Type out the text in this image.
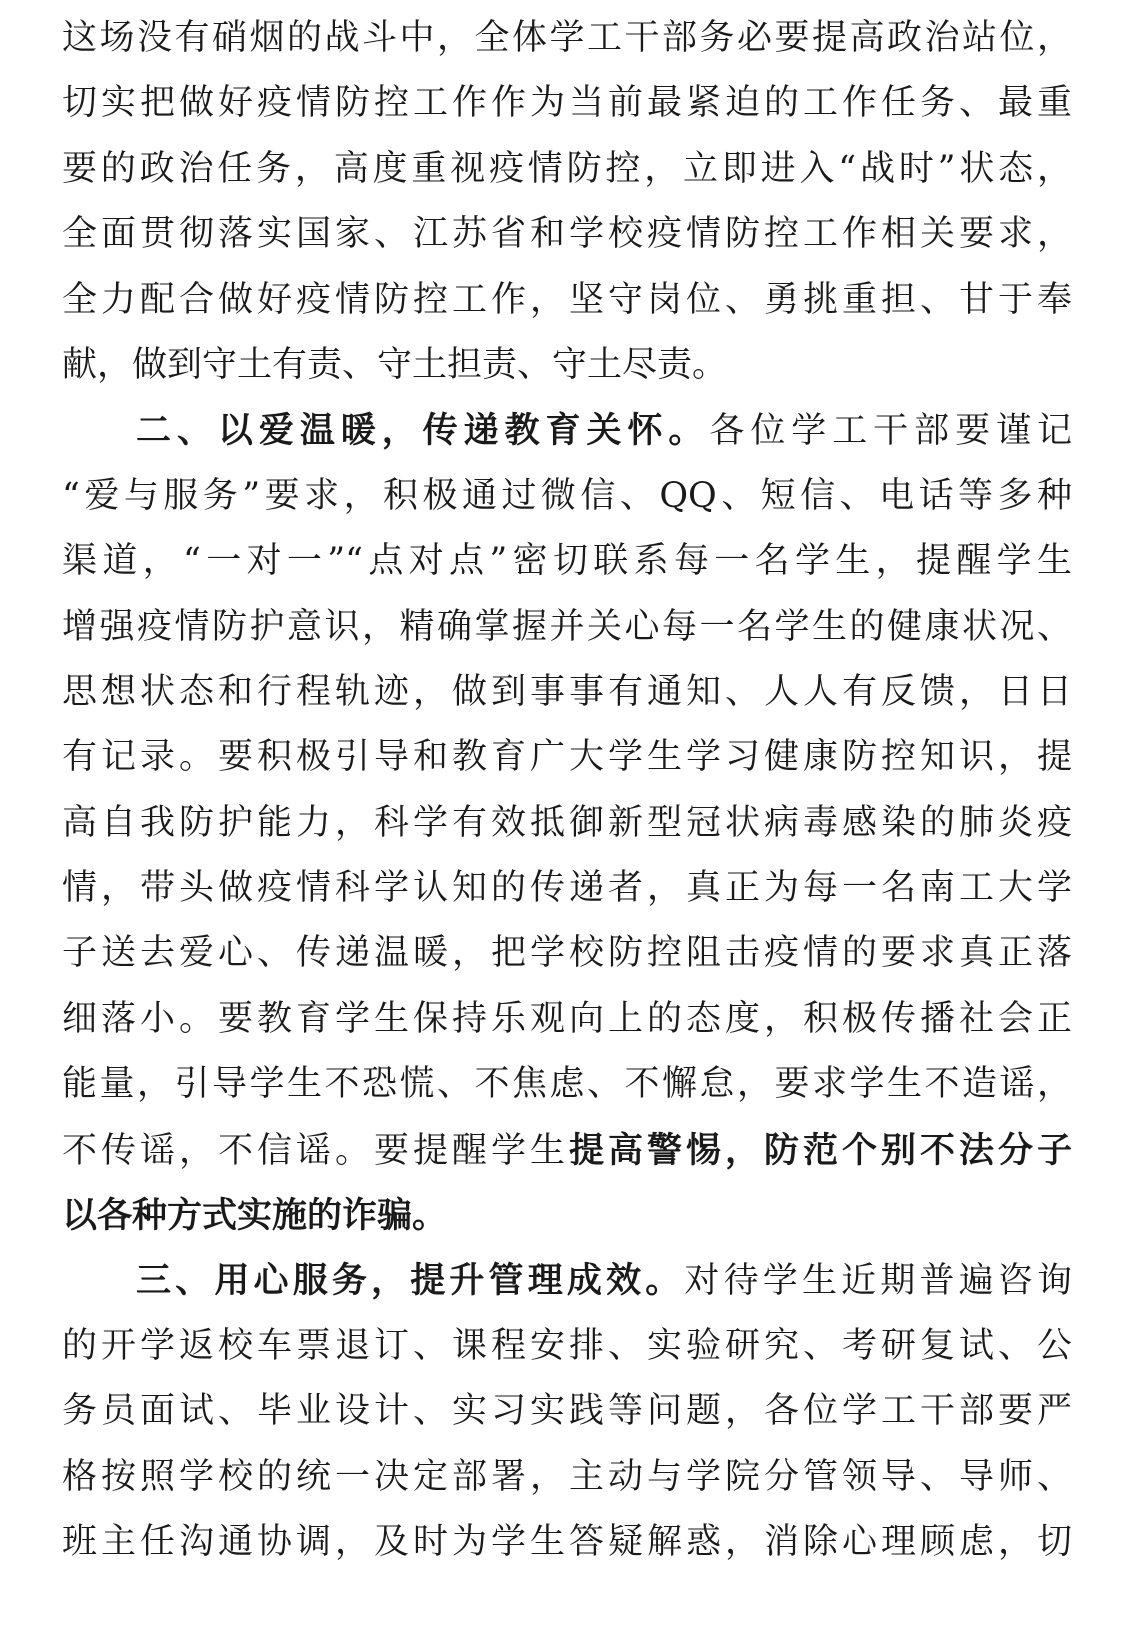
这场没有硝烟的战斗中，全体学工干部务必要提高政治站位，
切实把做好疫情防控工作作为当前最紧迫的工作任务、最重
要的政治任务，高度重视疫情防控，立即进入“战时”状态，
全面贯彻落实国家、江苏省和学校疫情防控工作相关要求，
全力配合做好疫情防控工作，坚守岗位、勇挑重担、甘于奉
献，做到守土有责、守土担责、守土尽责。
二、以爱温暖，传递教育关怀。各位学工干部要谨记
“爱与服务”要求，积极通过微信、QQ、短信、电话等多种
渠道，“一对一”“点对点”密切联系每一名学生，提醒学生
增强疫情防护意识，精确掌握并关心每一名学生的健康状况、
思想状态和行程轨迹，做到事事有通知、人人有反馈，日日
有记录。要积极引导和教育广大学生学习健康防控知识，提
高自我防护能力，科学有效抵御新型冠状病毒感染的肺炎疫
情，带头做疫情科学认知的传递者，真正为每一名南工大学
子送去爱心、传递温暖，把学校防控阻击疫情的要求真正落
细落小。要教育学生保持乐观向上的态度，积极传播社会正
能量，引导学生不恐慌、不焦虑、不懈怠，要求学生不造谣，
不传谣，不信谣。要提醒学生提高警惕，防范个别不法分子
以各种方式实施的诈骗。
三、用心服务，提升管理成效。对待学生近期普遍咨询
的开学返校车票退订、课程安排、实验研究、考研复试、公
务员面试、毕业设计、实习实践等问题，各位学工干部要严
格按照学校的统一决定部署，主动与学院分管领导、导师、
班主任沟通协调，及时为学生答疑解惑，消除心理顾虑，切
